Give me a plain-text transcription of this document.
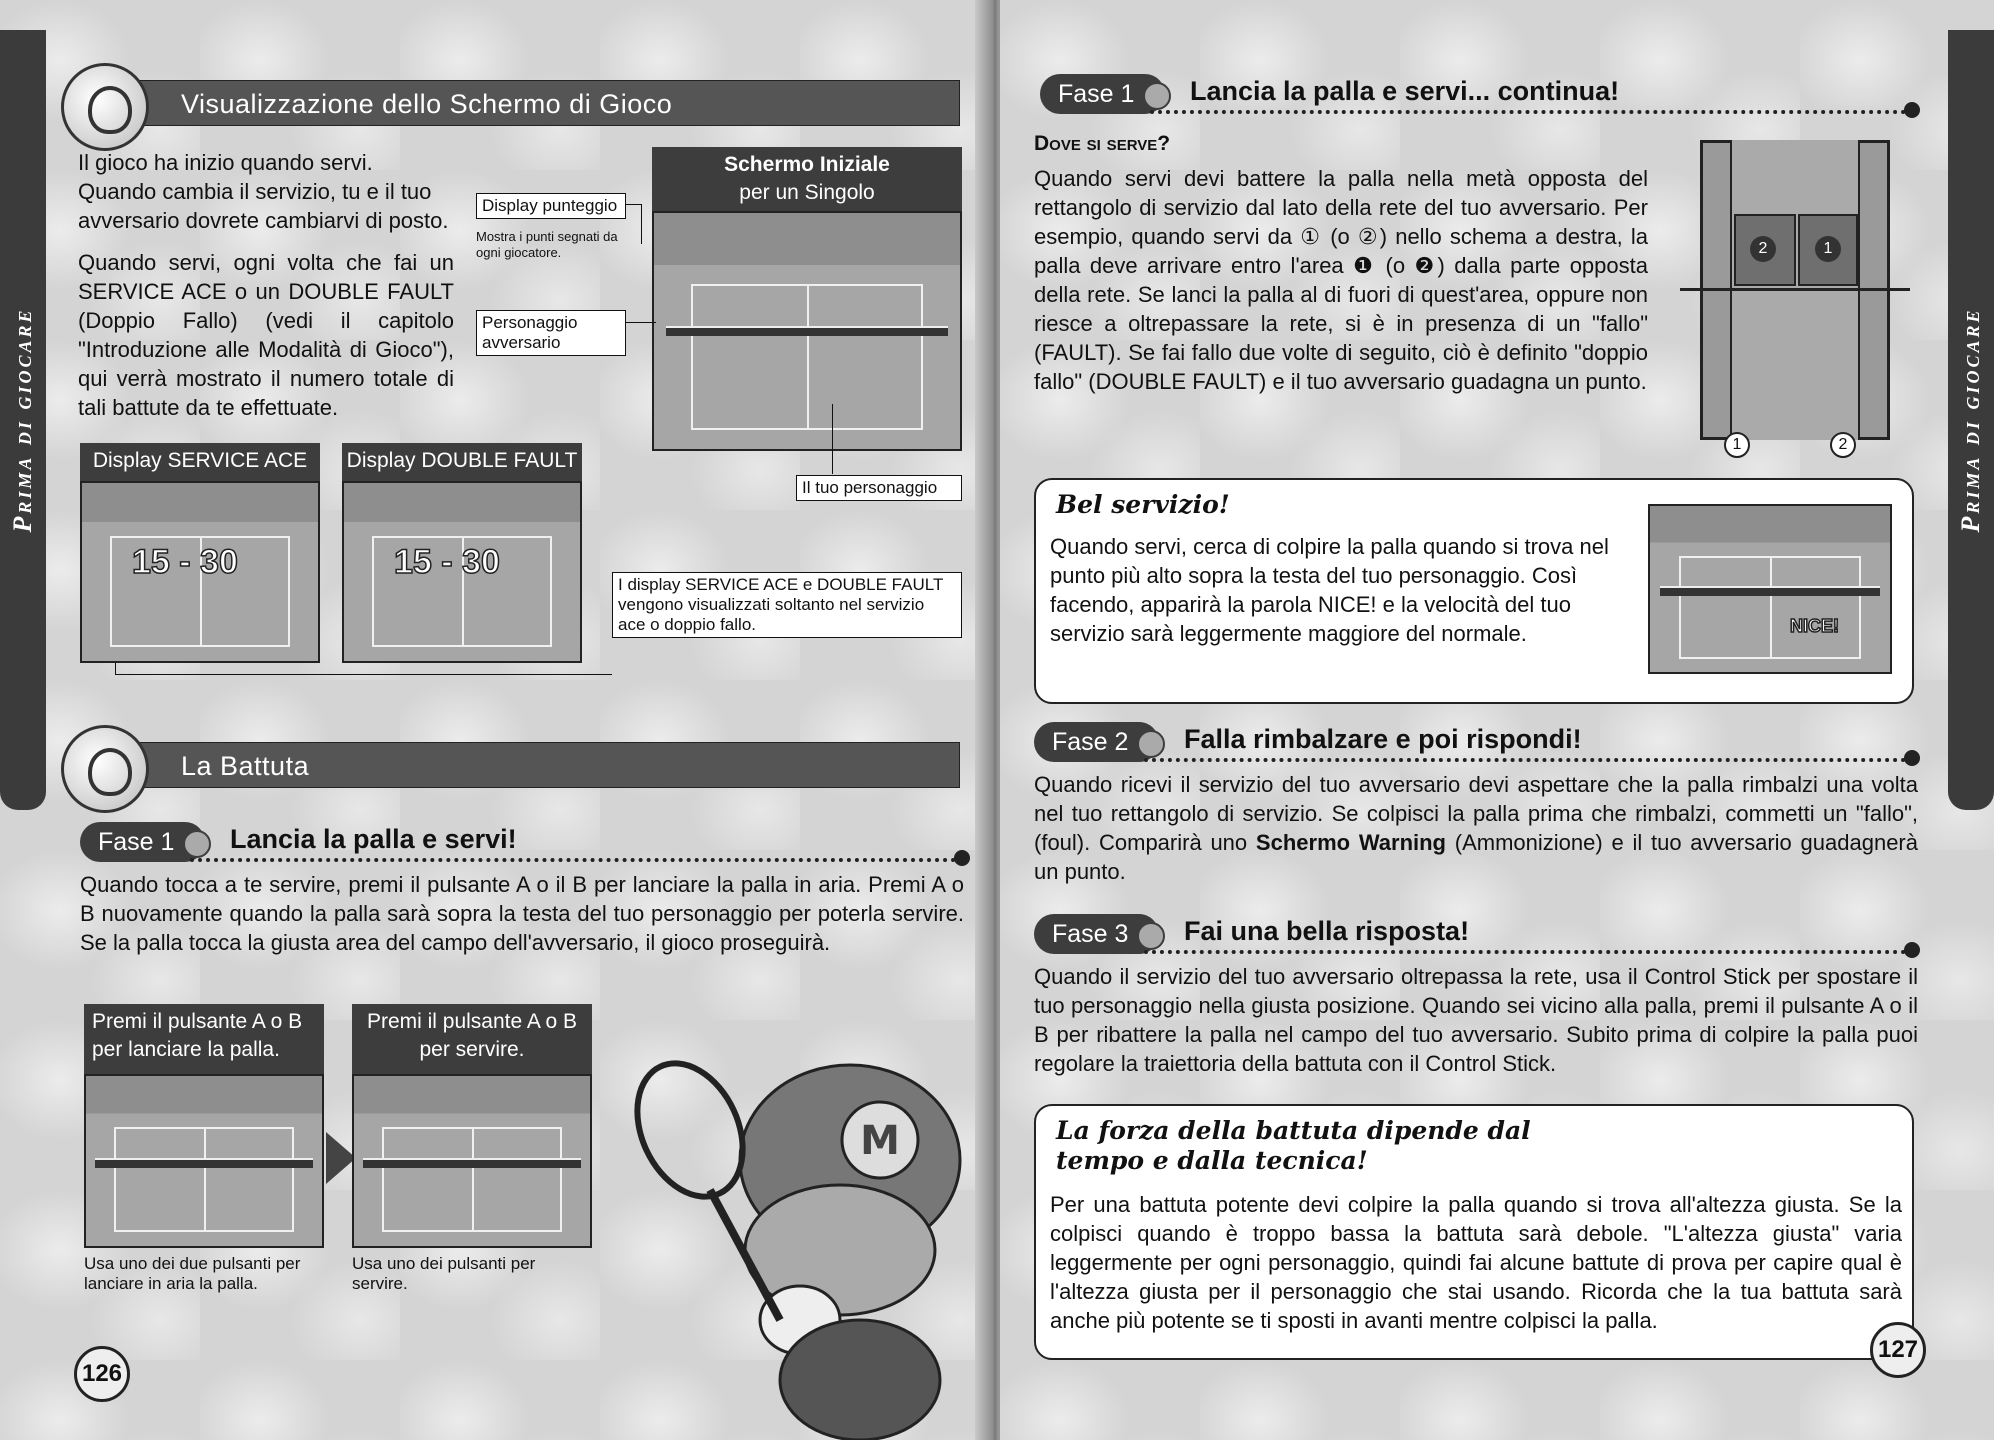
Prima di giocare
Visualizzazione dello Schermo di Gioco
Il gioco ha inizio quando servi. Quando cambia il servizio, tu e il tuo avversario dovrete cambiarvi di posto.
Quando servi, ogni volta che fai un SERVICE ACE o un DOUBLE FAULT (Doppio Fallo) (vedi il capitolo "Introduzione alle Modalità di Gioco"), qui verrà mostrato il numero totale di tali battute da te effettuate.
Schermo Iniziale
per un Singolo
Display punteggio
Mostra i punti segnati da ogni giocatore.
Personaggio avversario
Il tuo personaggio
Display SERVICE ACE
15 - 30
Display DOUBLE FAULT
15 - 30
I display SERVICE ACE e DOUBLE FAULT vengono visualizzati soltanto nel servizio ace o doppio fallo.
La Battuta
Fase 1	Lancia la palla e servi!
Quando tocca a te servire, premi il pulsante A o il B per lanciare la palla in aria. Premi A o B nuovamente quando la palla sarà sopra la testa del tuo personaggio per poterla servire. Se la palla tocca la giusta area del campo dell'avversario, il gioco proseguirà.
Premi il pulsante A o B per lanciare la palla.
Usa uno dei due pulsanti per lanciare in aria la palla.
Premi il pulsante A o B per servire.
Usa uno dei pulsanti per servire.
M
126
Prima di giocare
Fase 1	Lancia la palla e servi... continua!
Dove si serve?
Quando servi devi battere la palla nella metà opposta del rettangolo di servizio dal lato della rete del tuo avversario. Per esempio, quando servi da ① (o ②) nello schema a destra, la palla deve arrivare entro l'area ❶ (o ❷) dalla parte opposta della rete. Se lanci la palla al di fuori di quest'area, oppure non riesce a oltrepassare la rete, si è in presenza di un "fallo" (FAULT). Se fai fallo due volte di seguito, ciò è definito "doppio fallo" (DOUBLE FAULT) e il tuo avversario guadagna un punto.
2	1
1	2
Bel servizio!
Quando servi, cerca di colpire la palla quando si trova nel punto più alto sopra la testa del tuo personaggio. Così facendo, apparirà la parola NICE! e la velocità del tuo servizio sarà leggermente maggiore del normale.	NICE!
Fase 2	Falla rimbalzare e poi rispondi!
Quando ricevi il servizio del tuo avversario devi aspettare che la palla rimbalzi una volta nel tuo rettangolo di servizio. Se colpisci la palla prima che rimbalzi, commetti un "fallo", (foul). Comparirà uno Schermo Warning (Ammonizione) e il tuo avversario guadagnerà un punto.
Fase 3	Fai una bella risposta!
Quando il servizio del tuo avversario oltrepassa la rete, usa il Control Stick per spostare il tuo personaggio nella giusta posizione. Quando sei vicino alla palla, premi il pulsante A o il B per ribattere la palla nel campo del tuo avversario. Subito prima di colpire la palla puoi regolare la traiettoria della battuta con il Control Stick.
La forza della battuta dipende dal tempo e dalla tecnica!
Per una battuta potente devi colpire la palla quando si trova all'altezza giusta. Se la colpisci quando è troppo bassa la battuta sarà debole. "L'altezza giusta" varia leggermente per ogni personaggio, quindi fai alcune battute di prova per capire qual è l'altezza giusta per il personaggio che stai usando. Ricorda che la tua battuta sarà anche più potente se ti sposti in avanti mentre colpisci la palla.
127
